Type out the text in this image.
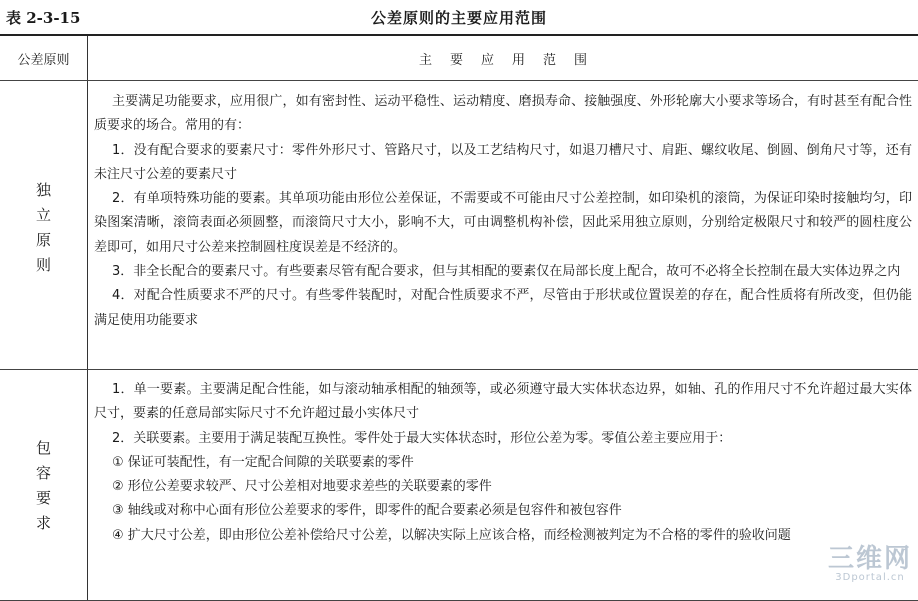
表 2-3-15	公差原则的主要应用范围
公差原则	主要应用范围
独
立
原
则

主要满足功能要求，应用很广，如有密封性、运动平稳性、运动精度、磨损寿命、接触强度、外形轮廓大小要求等场合，有时甚至有配合性质要求的场合。常用的有：

1．没有配合要求的要素尺寸：零件外形尺寸、管路尺寸，以及工艺结构尺寸，如退刀槽尺寸、肩距、螺纹收尾、倒圆、倒角尺寸等，还有未注尺寸公差的要素尺寸

2．有单项特殊功能的要素。其单项功能由形位公差保证，不需要或不可能由尺寸公差控制，如印染机的滚筒，为保证印染时接触均匀，印染图案清晰，滚筒表面必须圆整，而滚筒尺寸大小，影响不大，可由调整机构补偿，因此采用独立原则，分别给定极限尺寸和较严的圆柱度公差即可，如用尺寸公差来控制圆柱度误差是不经济的。

3．非全长配合的要素尺寸。有些要素尽管有配合要求，但与其相配的要素仅在局部长度上配合，故可不必将全长控制在最大实体边界之内

4．对配合性质要求不严的尺寸。有些零件装配时，对配合性质要求不严，尽管由于形状或位置误差的存在，配合性质将有所改变，但仍能满足使用功能要求

包
容
要
求

1．单一要素。主要满足配合性能，如与滚动轴承相配的轴颈等，或必须遵守最大实体状态边界，如轴、孔的作用尺寸不允许超过最大实体尺寸，要素的任意局部实际尺寸不允许超过最小实体尺寸

2．关联要素。主要用于满足装配互换性。零件处于最大实体状态时，形位公差为零。零值公差主要应用于：

① 保证可装配性，有一定配合间隙的关联要素的零件

② 形位公差要求较严、尺寸公差相对地要求差些的关联要素的零件

③ 轴线或对称中心面有形位公差要求的零件，即零件的配合要素必须是包容件和被包容件

④ 扩大尺寸公差，即由形位公差补偿给尺寸公差，以解决实际上应该合格，而经检测被判定为不合格的零件的验收问题

三维网
3Dportal.cn
